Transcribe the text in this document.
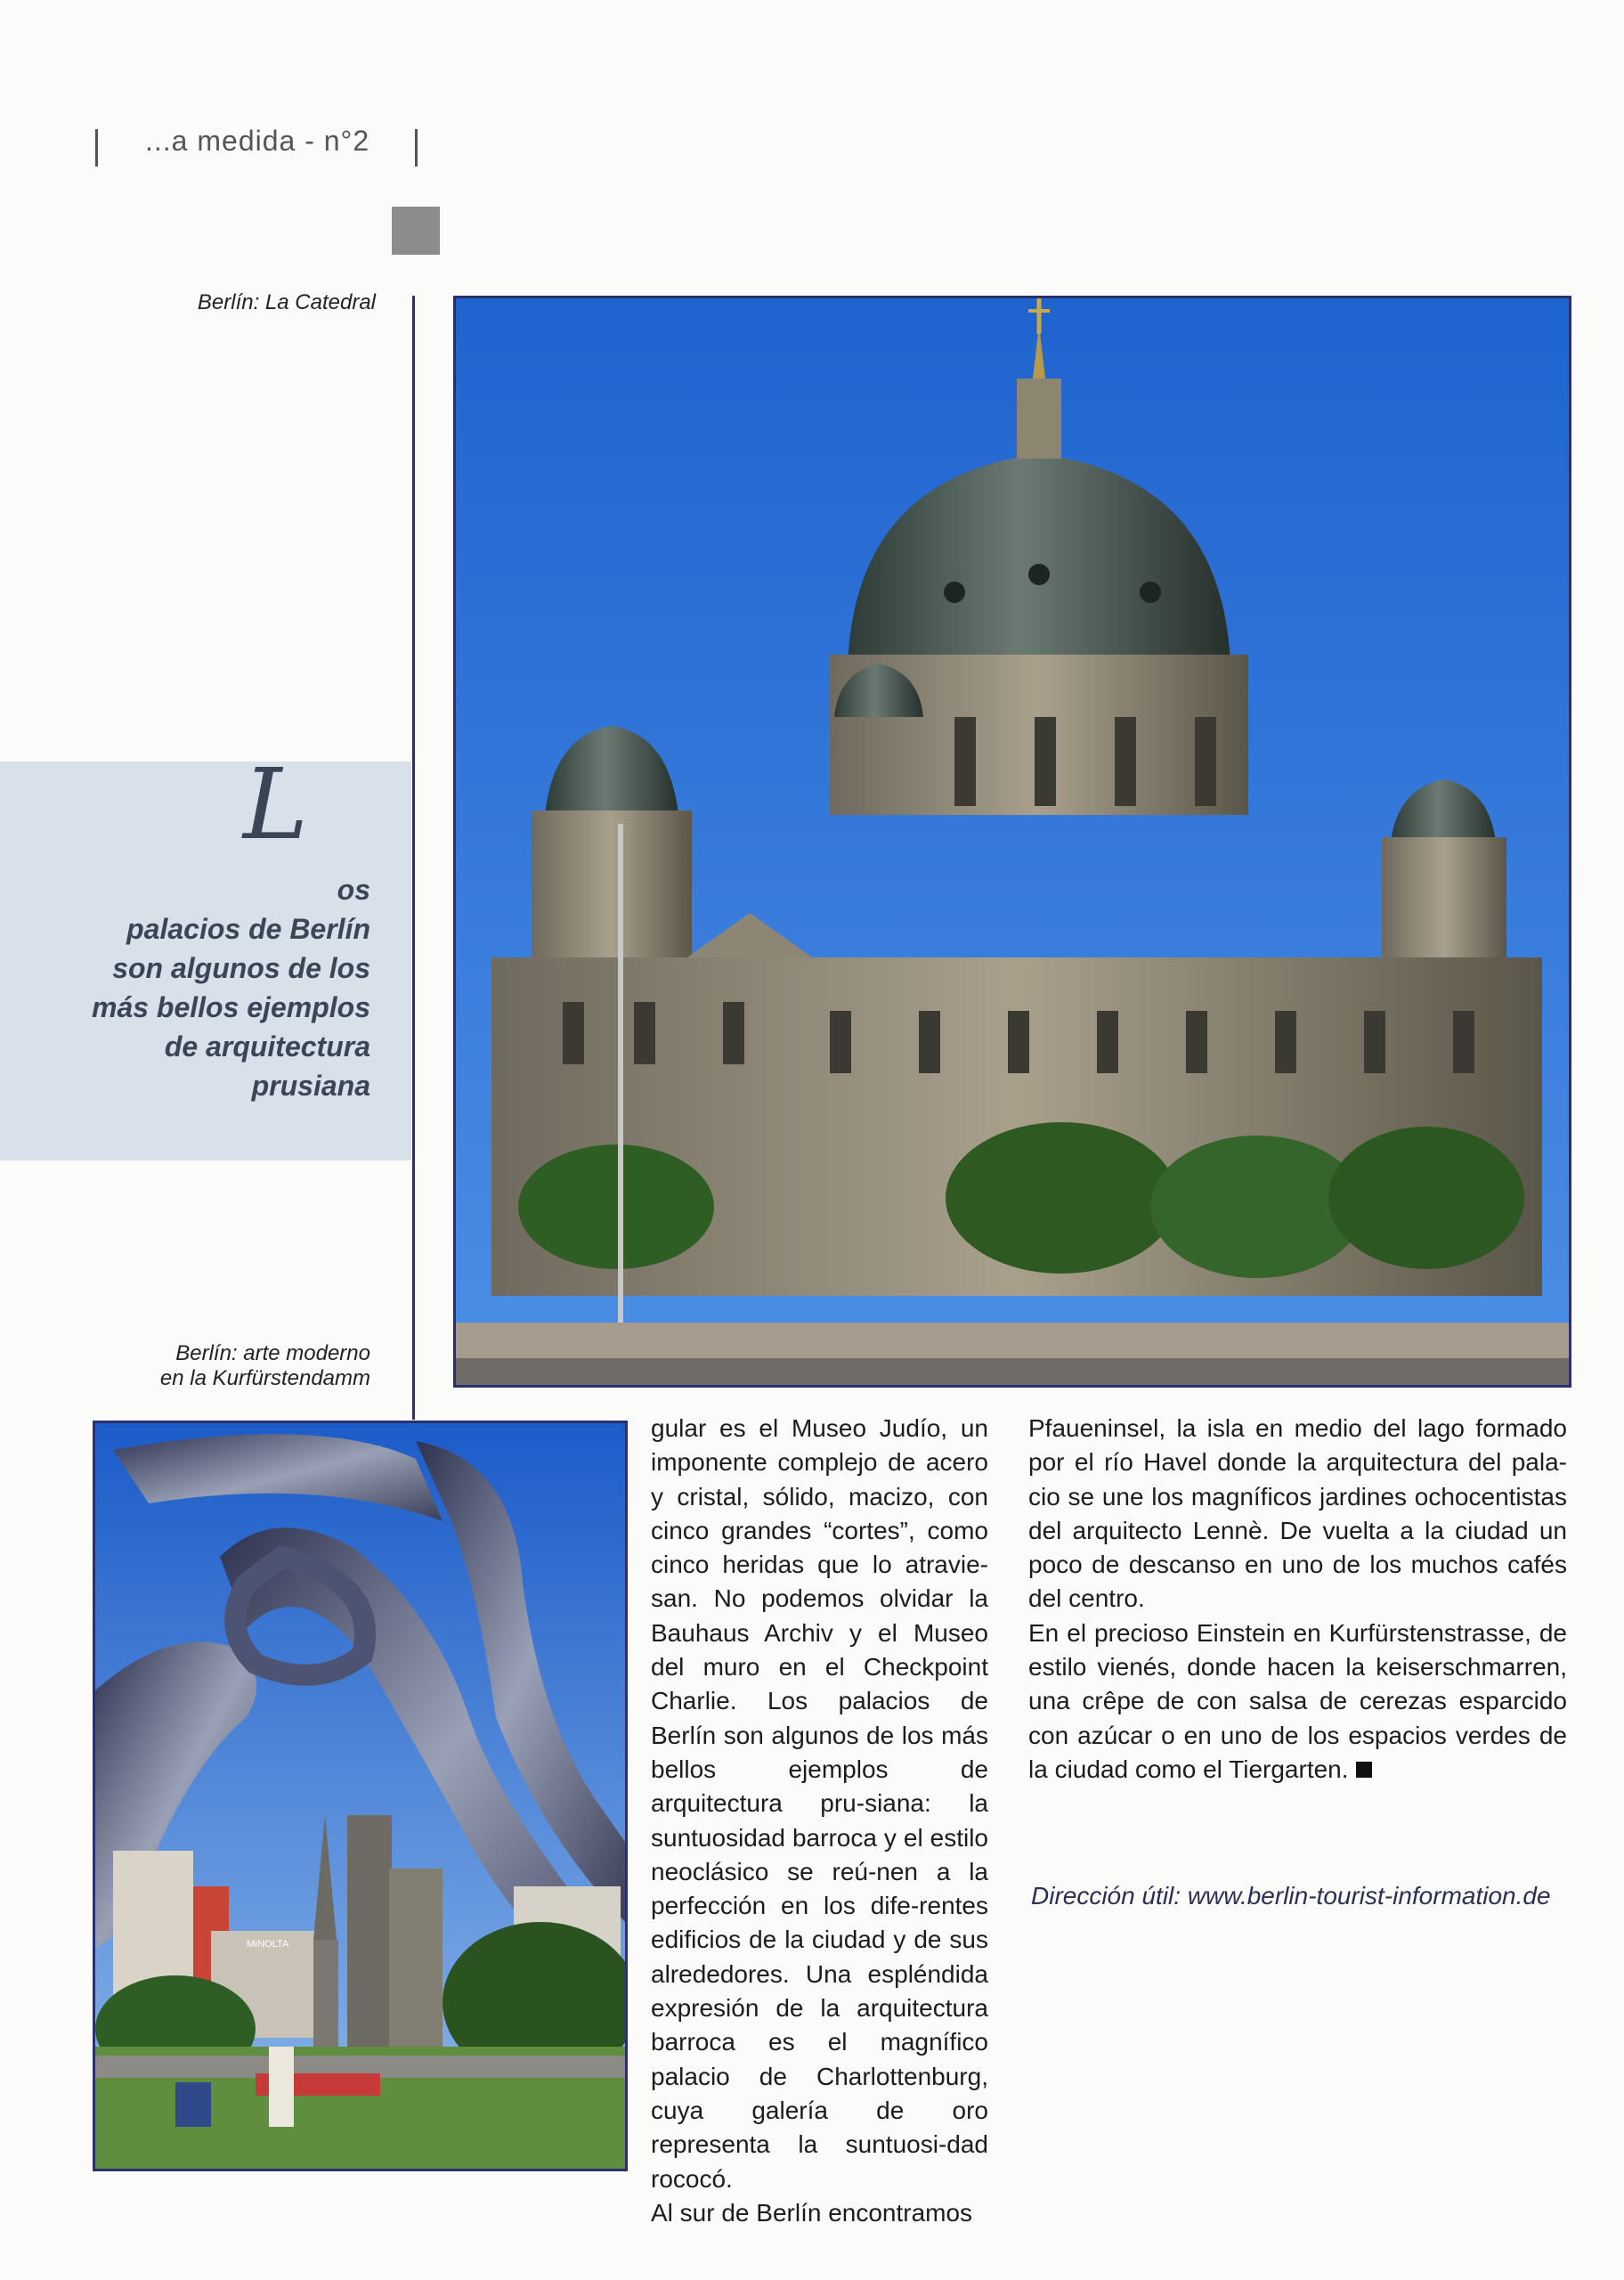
...a medida - n°2
Berlín: La Catedral
Berlín: arte moderno
en la Kurfürstendamm
L
os
palacios de Berlín
son algunos de los
más bellos ejemplos
de arquitectura
prusiana
MINOLTA

gular es el Museo Judío, un imponente complejo de acero y cristal, sólido, macizo, con cinco grandes “cortes”, como cinco heridas que lo atravie-san. No podemos olvidar la Bauhaus Archiv y el Museo del muro en el Checkpoint Charlie. Los palacios de Berlín son algunos de los más bellos ejemplos de arquitectura pru-siana: la suntuosidad barroca y el estilo neoclásico se reú-nen a la perfección en los dife-rentes edificios de la ciudad y de sus alrededores. Una espléndida expresión de la arquitectura barroca es el magnífico palacio de Charlottenburg, cuya galería de oro representa la suntuosi-dad rococó.

Al sur de Berlín encontramos

Pfaueninsel, la isla en medio del lago formado por el río Havel donde la arquitectura del pala-cio se une los magníficos jardines ochocentistas del arquitecto Lennè. De vuelta a la ciudad un poco de descanso en uno de los muchos cafés del centro.

En el precioso Einstein en Kurfürstenstrasse, de estilo vienés, donde hacen la keiserschmarren, una crêpe de con salsa de cerezas esparcido con azúcar o en uno de los espacios verdes de la ciudad como el Tiergarten.

Dirección útil: www.berlin-tourist-information.de
